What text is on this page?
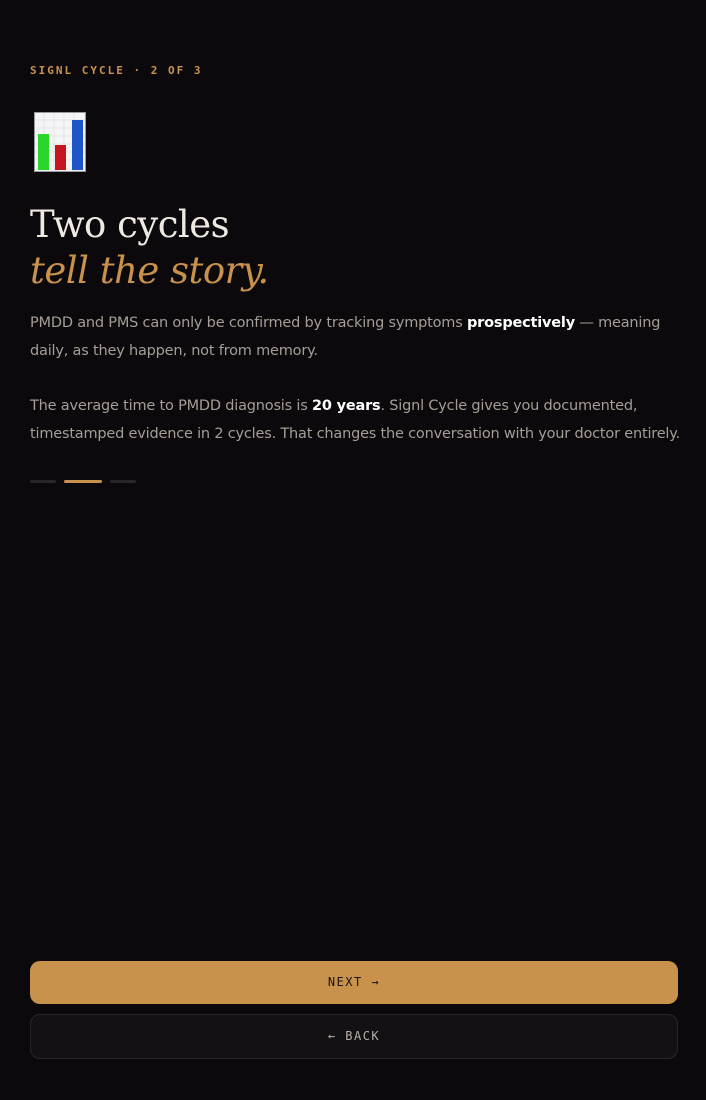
SIGNL CYCLE · 2 OF 3
Two cycles
tell the story.

PMDD and PMS can only be confirmed by tracking symptoms prospectively — meaning daily, as they happen, not from memory.

The average time to PMDD diagnosis is 20 years. Signl Cycle gives you documented, timestamped evidence in 2 cycles. That changes the conversation with your doctor entirely.

NEXT →
← BACK
